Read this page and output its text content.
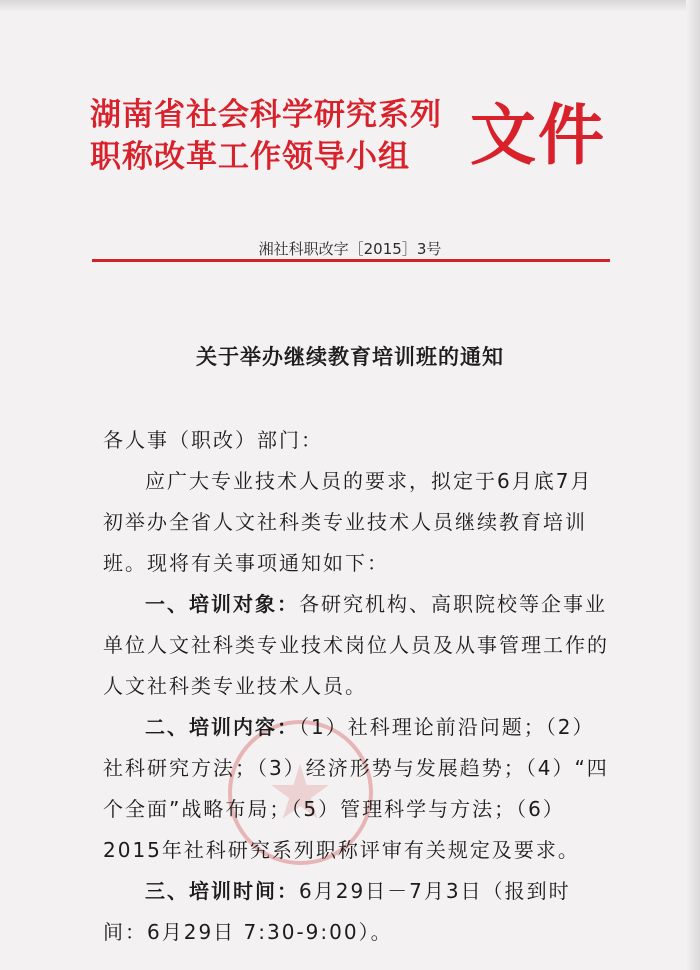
湖南省社会科学研究系列
职称改革工作领导小组 文件
湘社科职改字［2015］3号
关于举办继续教育培训班的通知

各人事（职改）部门：

应广大专业技术人员的要求，拟定于6月底7月初举办全省人文社科类专业技术人员继续教育培训班。现将有关事项通知如下：

一、培训对象：各研究机构、高职院校等企事业单位人文社科类专业技术岗位人员及从事管理工作的人文社科类专业技术人员。

二、培训内容：（1）社科理论前沿问题；（2）社科研究方法；（3）经济形势与发展趋势；（4）“四个全面”战略布局；（5）管理科学与方法；（6）2015年社科研究系列职称评审有关规定及要求。

三、培训时间：6月29日－7月3日（报到时间：6月29日 7:30-9:00）。
